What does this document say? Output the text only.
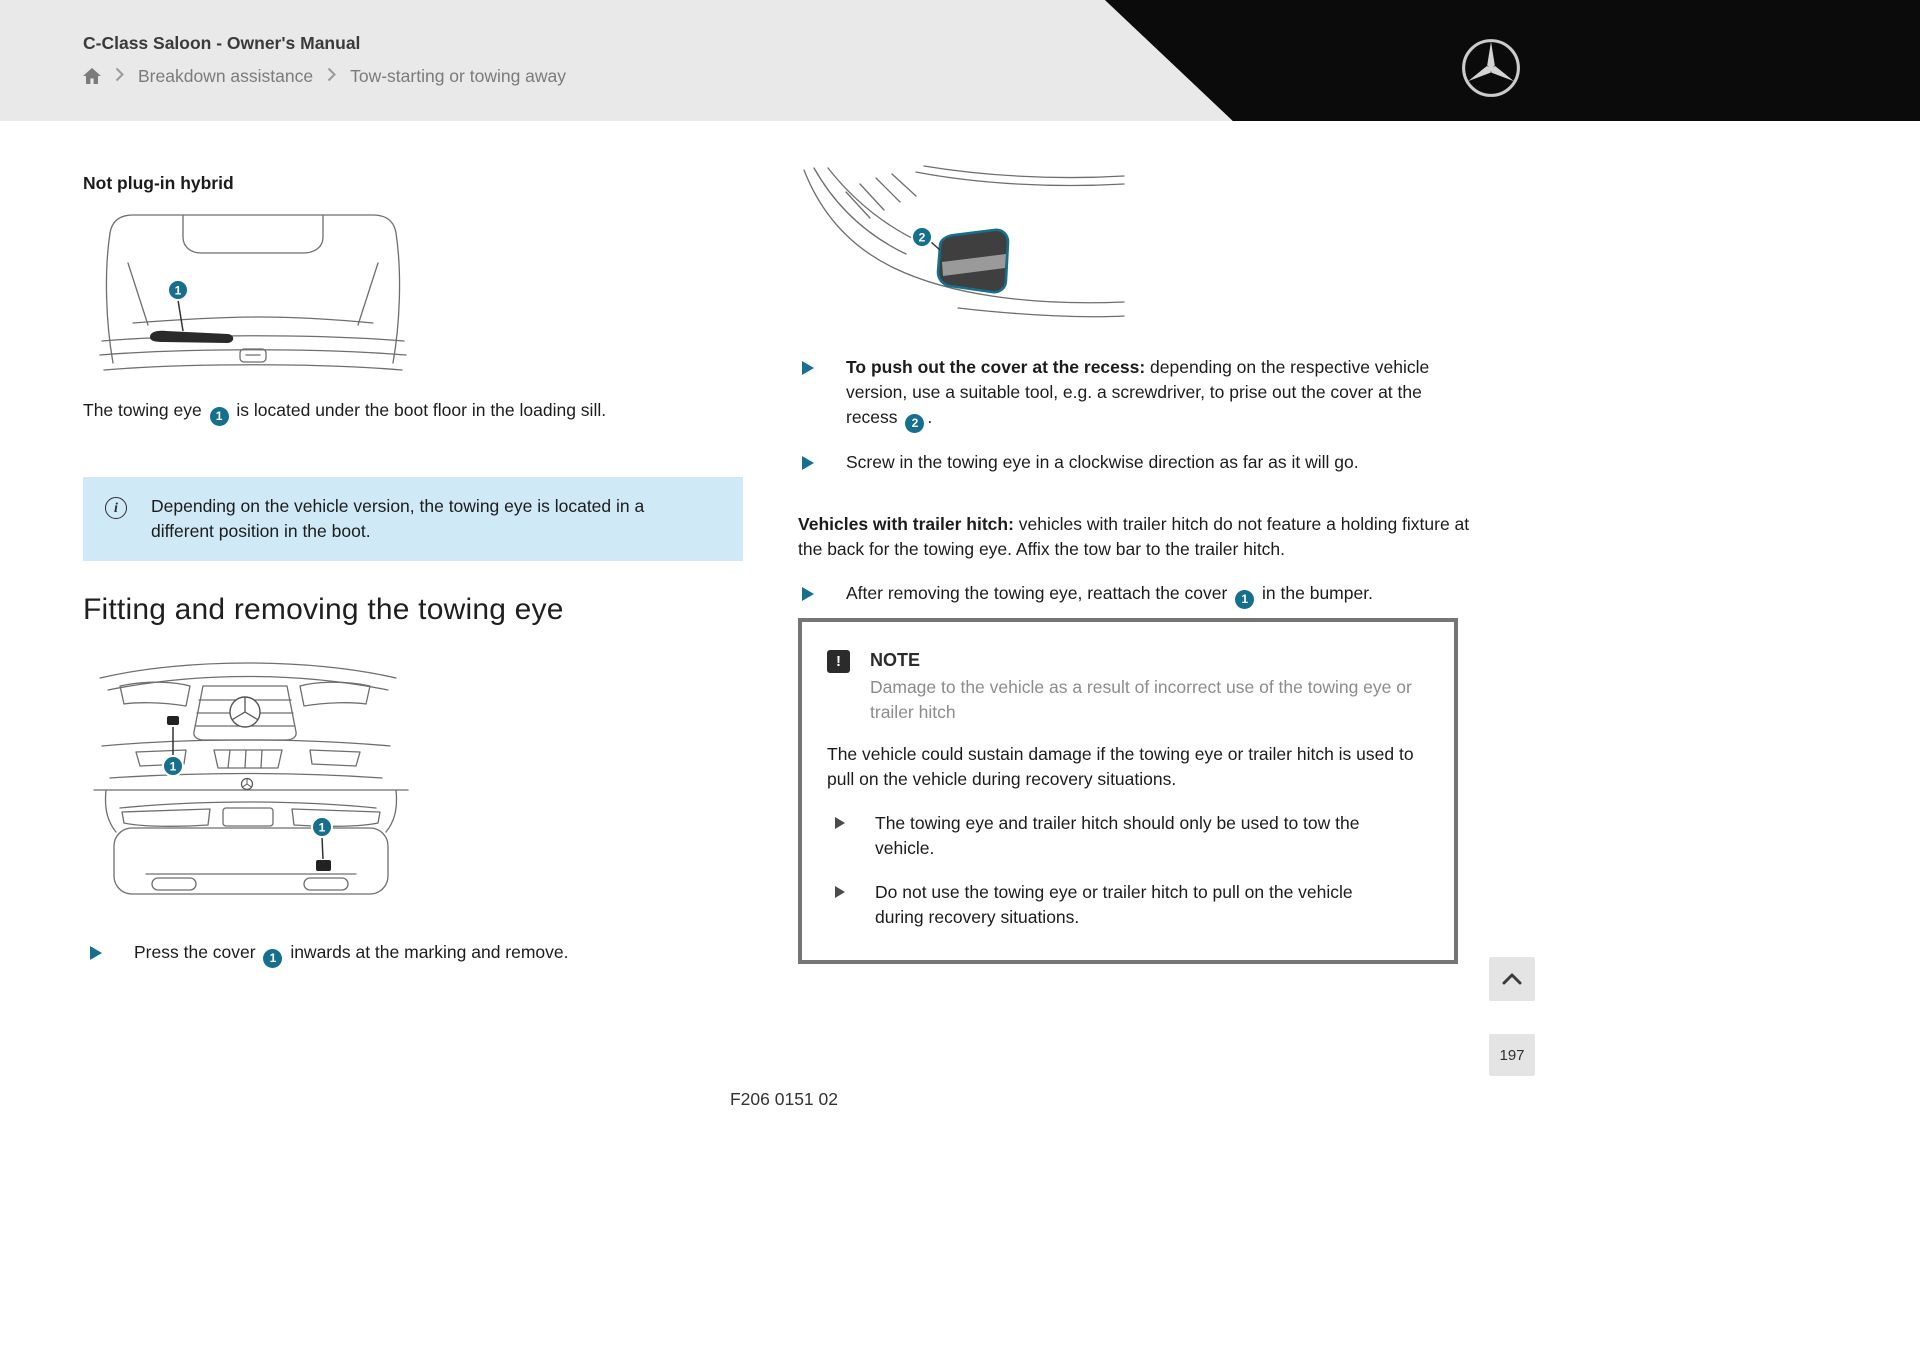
C-Class Saloon - Owner's Manual
Breakdown assistance Tow-starting or towing away
Not plug-in hybrid
1

The towing eye 1 is located under the boot floor in the loading sill.

i	Depending on the vehicle version, the towing eye is located in a different position in the boot.

Fitting and removing the towing eye
1
1

Press the cover 1 inwards at the marking and remove.

2

To push out the cover at the recess: depending on the respective vehicle version, use a suitable tool, e.g. a screwdriver, to prise out the cover at the recess 2 .

Screw in the towing eye in a clockwise direction as far as it will go.

Vehicles with trailer hitch: vehicles with trailer hitch do not feature a holding fixture at the back for the towing eye. Affix the tow bar to the trailer hitch.

After removing the towing eye, reattach the cover 1 in the bumper.

!	NOTE
Damage to the vehicle as a result of incorrect use of the towing eye or trailer hitch

The vehicle could sustain damage if the towing eye or trailer hitch is used to pull on the vehicle during recovery situations.

The towing eye and trailer hitch should only be used to tow the vehicle.

Do not use the towing eye or trailer hitch to pull on the vehicle during recovery situations.

F206 0151 02
197
